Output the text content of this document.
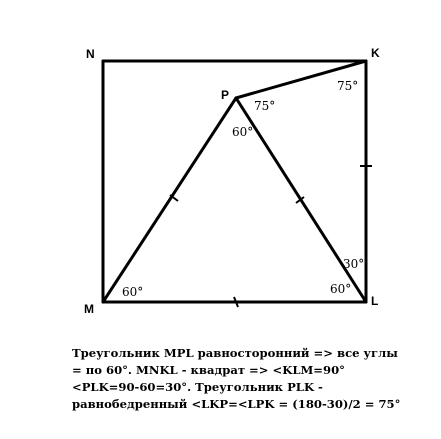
N	K
P
M
L
75°
75°
60°
60°	60°
30°
Треугольник MPL равносторонний => все углы
= по 60°. MNKL - квадрат => <KLM=90°
<PLK=90-60=30°. Треугольник PLK -
равнобедренный <LKP=<LPK = (180-30)/2 = 75°
